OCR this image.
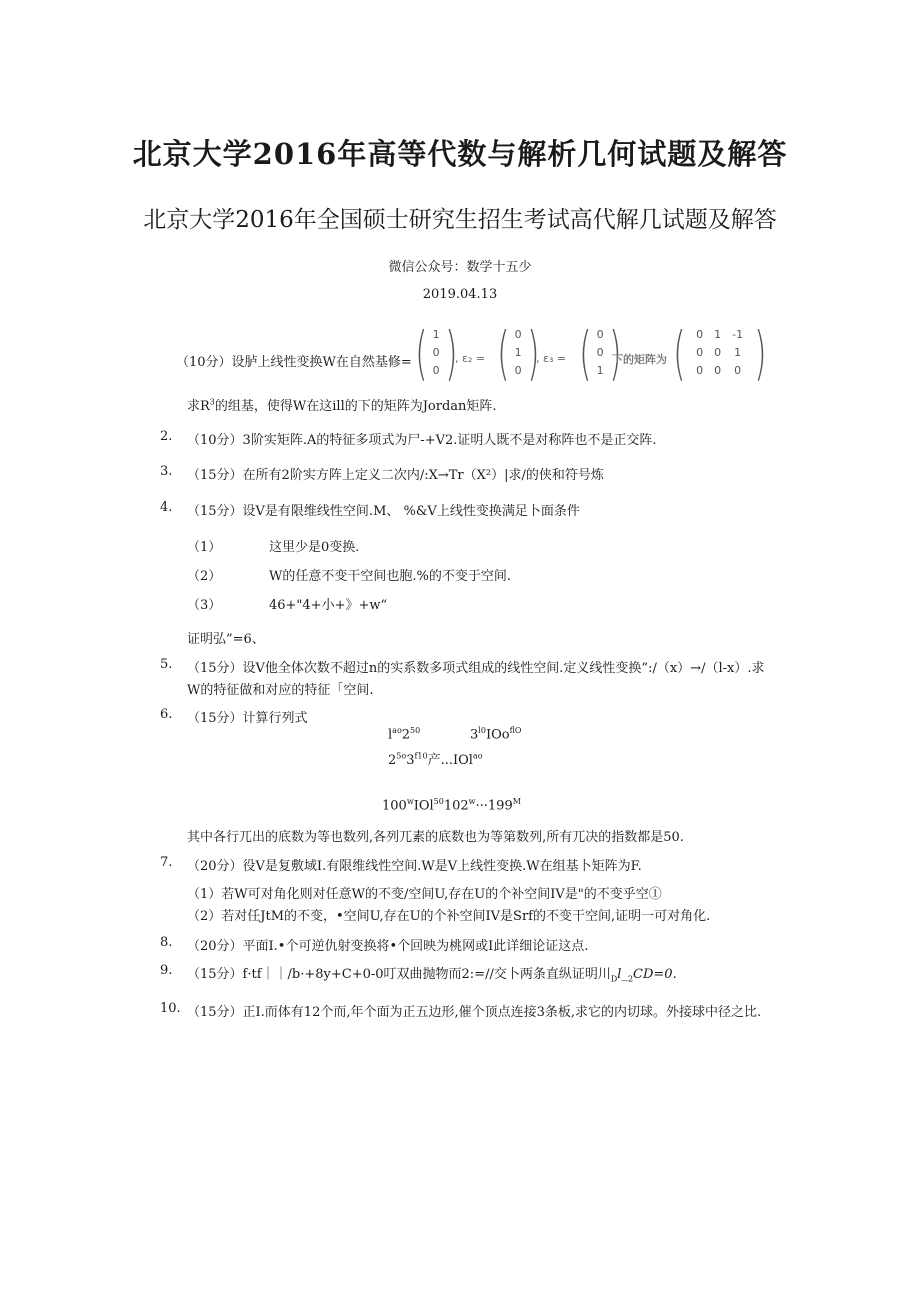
北京大学2016年高等代数与解析几何试题及解答
北京大学2016年全国硕士研究生招生考试高代解几试题及解答
微信公众号：数学十五少
2019.04.13
（10分）设胪上线性变换W在自然基修= ( 1
0
0 )
, ε₂ = ( 0
1
0 )
, ε₃ = ( 0
0
1 )
下的矩阵为 ( 0	1	-1
0	0	1
0	0	0 )
求$R^3$的组基，使得W在这ill的下的矩阵为Jordan矩阵.
2. （10分）3阶实矩阵.A的特征多项式为尸-+V2.证明人既不是对称阵也不是正交阵.
3. （15分）在所有2阶实方阵上定义二次内/:X→Tr（X²）|求/的侠和符号炼
4. （15分）设V是有限维线性空间.M、 %&V上线性变换满足卜面条件
（1）	这里少是0变换.
（2）	W的任意不变干空间也胞.%的不变于空间.
（3）	46+"4+小+》+w“
证明弘”=6、
5. （15分）设V他全体次数不超过n的实系数多项式组成的线性空间.定义线性变换”:/（x）→/（l-x）.求
W的特征做和对应的特征「空间.
6. （15分）计算行列式
$l^{ao}2^{50}$	$3^{l0}IOo^{flO}$
$2^{5o}3^{f10}$产...IOl$^{ao}$
$100^wIOl^{50}102^w\cdot\cdot\cdot 199^M$
其中各行兀出的底数为等也数列,各列兀素的底数也为等第数列,所有兀决的指数都是50.
7. （20分）役V是复敷域I.有限维线性空间.W是V上线性变换.W在组基卜矩阵为F.
（1）若W可对角化则对任意W的不变/空间U,存在U的个补空间IV是"的不变乎空①
（2）若对任JtM的不变，•空间U,存在U的个补空间IV是Srf的不变干空间,证明一可对角化.
8. （20分）平面I.•个可逆仇射变换将•个回映为桃网或I此详细论证这点.
9. （15分）f·tf｜｜/b·+8y+C+0-0叮双曲抛物而2:=//交卜两条直纵证明川$_Dl\__2CD=0$.
10. （15分）正I.而体有12个而,年个面为正五边形,催个顶点连接3条板,求它的内切球。外接球中径之比.
